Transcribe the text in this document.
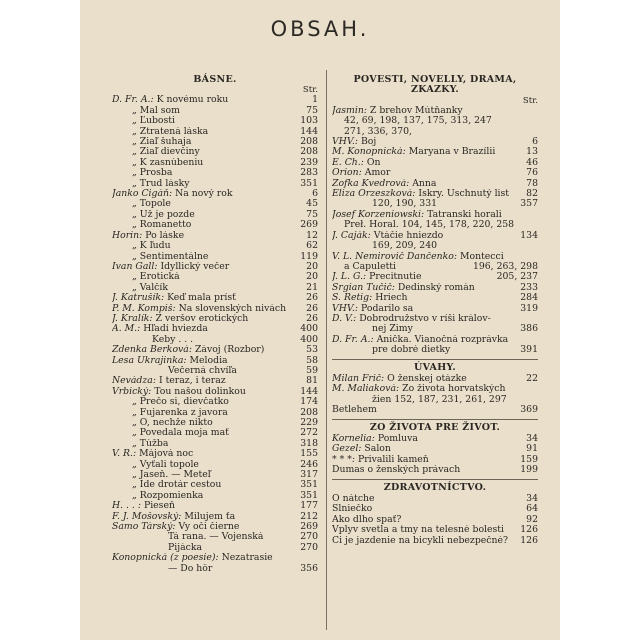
OBSAH.
BÁSNE.
Str.
D. Fr. A.: K novému roku	1
„ Mal som	75
„ Ľubosti	103
„ Ztratená láska	144
„ Žiaľ šuhaja	208
„ Žiaľ dievčiny	208
„ K zasnúbeniu	239
„ Prosba	283
„ Trud lásky	351
Janko Cigáň: Na nový rok	6
„ Topole	45
„ Už je pozde	75
„ Romanetto	269
Horin: Po láske	12
„ K ľudu	62
„ Sentimentálne	119
Ivan Gall: Idyllický večer	20
„ Erotická	20
„ Valčík	21
J. Katrušík: Keď mala prísť	26
P. M. Kompiš: Na slovenských nivách	26
J. Kralík: Z veršov erotických	26
A. M.: Hľadí hviezda	400
Keby . . .	400
Zdenka Berková: Závoj (Rozbor)	53
Lesa Ukrajinka: Melodia	58
Večerná chvíľa	59
Nevádza: I teraz, i teraz	81
Vrbický: Tou našou dolinkou	144
„ Prečo si, dievčatko	174
„ Fujarenka z javora	208
„ Ó, nechže nikto	229
„ Povedala moja mať	272
„ Túžba	318
V. R.: Májová noc	155
„ Vyťali topole	246
„ Jaseň. — Meteľ	317
„ Ide drotár cestou	351
„ Rozpomienka	351
H. . . : Pieseň	177
F. J. Mošovský: Milujem ťa	212
Samo Társký: Vy oči čierne	269
Tá rana. — Vojenská	270
Pijácka	270
Konopnická (z poesie): Nezatrasie
— Do hôr	356
POVESTI, NOVELLY, DRAMA, ZKAZKY.
Str.
Jasmin: Z brehov Mútňanky
42, 69, 198, 137, 175, 313, 247
271, 336, 370,
VHV.: Boj	6
M. Konopnická: Maryana v Brazílii	13
E. Ch.: On	46
Orion: Amor	76
Žofka Kvedrová: Anna	78
Eliza Orzeszková: Iskry. Uschnutý list	82
120, 190, 331	357
Josef Korzeniowski: Tatranski horali
Preł. Horal. 104, 145, 178, 220, 258
J. Čaják: Vtáčie hniezdo	134
169, 209, 240
V. L. Nemirovič Dančenko: Montecci
a Capuletti	196, 263, 298
J. L. G.: Precitnutie	205, 237
Srgian Tučič: Dedinský román	233
S. Retig: Hriech	284
VHV.: Podarilo sa	319
D. V.: Dobrodružstvo v ríši králov-
nej Zimy	386
D. Fr. A.: Anička. Vianočná rozprávka
pre dobré dietky	391
ÚVAHY.
Milan Frič: O ženskej otázke	22
M. Maliaková: Zo života horvatských
žien 152, 187, 231, 261, 297
Betlehem	369
ZO ŽIVOTA PRE ŽIVOT.
Kornelia: Pomluva	34
Gezel: Salon	91
* * *: Privalili kameň	159
Dumas o ženských právach	199
ZDRAVOTNÍCTVO.
O nátche	34
Slniečko	64
Ako dlho spať?	92
Vplyv svetla a tmy na telesné bolesti	126
Či je jazdenie na bicykli nebezpečné?	126
